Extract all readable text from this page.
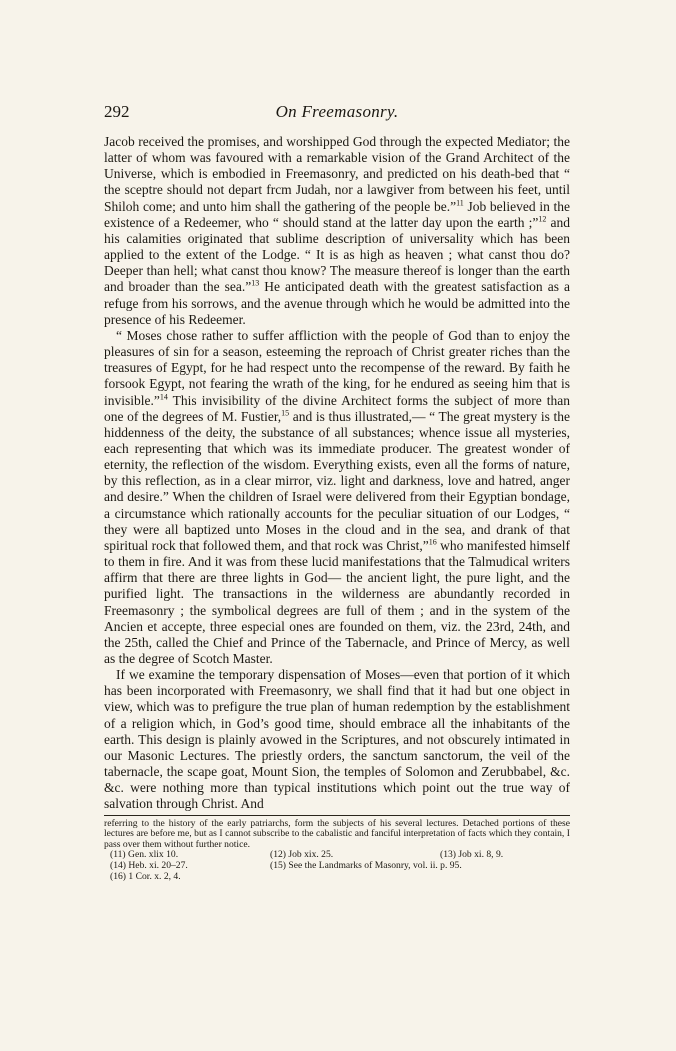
292	On Freemasonry.

Jacob received the promises, and worshipped God through the expected Mediator; the latter of whom was favoured with a remarkable vision of the Grand Architect of the Universe, which is embodied in Freemasonry, and predicted on his death-bed that “ the sceptre should not depart frcm Judah, nor a lawgiver from between his feet, until Shiloh come; and unto him shall the gathering of the people be.”$^{11}$ Job believed in the existence of a Redeemer, who “ should stand at the latter day upon the earth ;”$^{12}$ and his calamities originated that sublime description of universality which has been applied to the extent of the Lodge. “ It is as high as heaven ; what canst thou do? Deeper than hell; what canst thou know? The measure thereof is longer than the earth and broader than the sea.”$^{13}$ He anticipated death with the greatest satisfaction as a refuge from his sorrows, and the avenue through which he would be admitted into the presence of his Redeemer.

“ Moses chose rather to suffer affliction with the people of God than to enjoy the pleasures of sin for a season, esteeming the reproach of Christ greater riches than the treasures of Egypt, for he had respect unto the recompense of the reward. By faith he forsook Egypt, not fearing the wrath of the king, for he endured as seeing him that is invisible.”$^{14}$ This invisibility of the divine Architect forms the subject of more than one of the degrees of M. Fustier,$^{15}$ and is thus illustrated,— “ The great mystery is the hiddenness of the deity, the substance of all substances; whence issue all mysteries, each representing that which was its immediate producer. The greatest wonder of eternity, the reflection of the wisdom. Everything exists, even all the forms of nature, by this reflection, as in a clear mirror, viz. light and darkness, love and hatred, anger and desire.” When the children of Israel were delivered from their Egyptian bondage, a circumstance which rationally accounts for the peculiar situation of our Lodges, “ they were all baptized unto Moses in the cloud and in the sea, and drank of that spiritual rock that followed them, and that rock was Christ,”$^{16}$ who manifested himself to them in fire. And it was from these lucid manifestations that the Talmudical writers affirm that there are three lights in God— the ancient light, the pure light, and the purified light. The transactions in the wilderness are abundantly recorded in Freemasonry ; the symbolical degrees are full of them ; and in the system of the Ancien et accepte, three especial ones are founded on them, viz. the 23rd, 24th, and the 25th, called the Chief and Prince of the Tabernacle, and Prince of Mercy, as well as the degree of Scotch Master.

If we examine the temporary dispensation of Moses—even that portion of it which has been incorporated with Freemasonry, we shall find that it had but one object in view, which was to prefigure the true plan of human redemption by the establishment of a religion which, in God’s good time, should embrace all the inhabitants of the earth. This design is plainly avowed in the Scriptures, and not obscurely intimated in our Masonic Lectures. The priestly orders, the sanctum sanctorum, the veil of the tabernacle, the scape goat, Mount Sion, the temples of Solomon and Zerubbabel, &c. &c. were nothing more than typical institutions which point out the true way of salvation through Christ. And

referring to the history of the early patriarchs, form the subjects of his several lectures. Detached portions of these lectures are before me, but as I cannot subscribe to the cabalistic and fanciful interpretation of facts which they contain, I pass over them without further notice.

(11) Gen. xlix 10.	(12) Job xix. 25.	(13) Job xi. 8, 9.
(14) Heb. xi. 20–27.	(15) See the Landmarks of Masonry, vol. ii. p. 95.
(16) 1 Cor. x. 2, 4.
